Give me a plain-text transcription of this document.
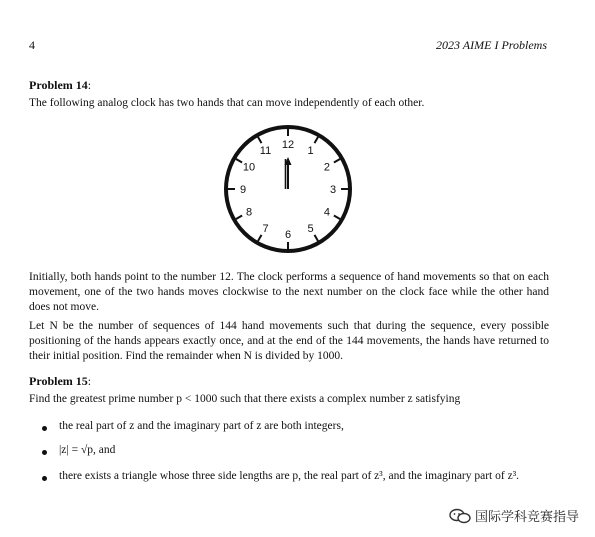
4	2023 AIME I Problems
Problem 14:
The following analog clock has two hands that can move independently of each other.
12
1
2
3
4
5
6
7
8
9
10
11
Initially, both hands point to the number 12. The clock performs a sequence of hand movements so that on each movement, one of the two hands moves clockwise to the next number on the clock face while the other hand does not move.
Let N be the number of sequences of 144 hand movements such that during the sequence, every possible positioning of the hands appears exactly once, and at the end of the 144 movements, the hands have returned to their initial position. Find the remainder when N is divided by 1000.
Problem 15:
Find the greatest prime number p < 1000 such that there exists a complex number z satisfying
the real part of z and the imaginary part of z are both integers,
|z| = √p, and
there exists a triangle whose three side lengths are p, the real part of z³, and the imaginary part of z³.
国际学科竞赛指导
